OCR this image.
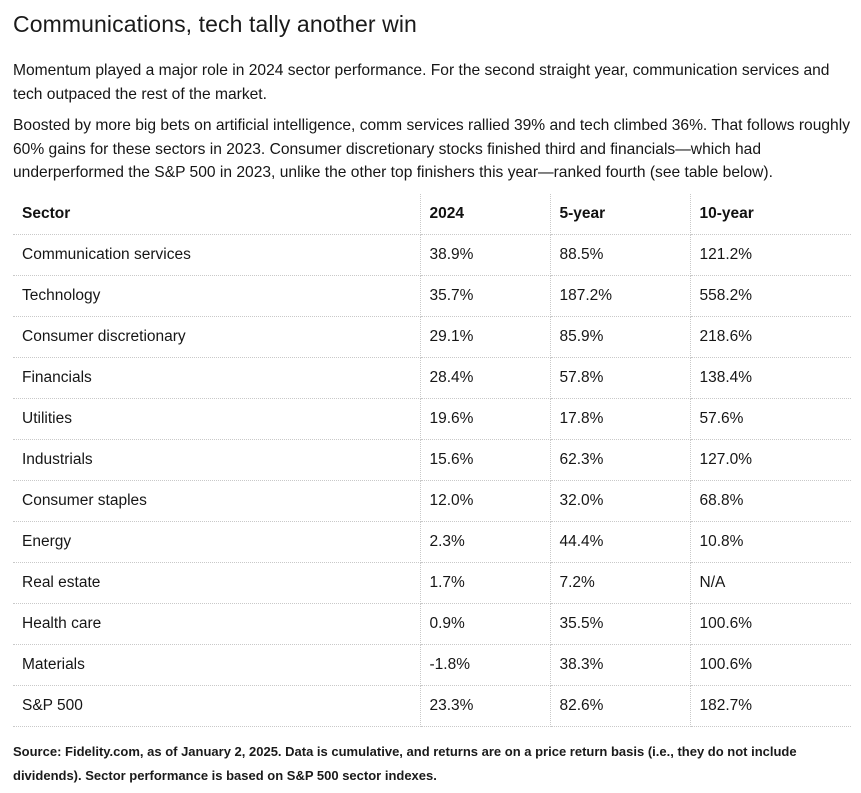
Communications, tech tally another win

Momentum played a major role in 2024 sector performance. For the second straight year, communication services and tech outpaced the rest of the market.

Boosted by more big bets on artificial intelligence, comm services rallied 39% and tech climbed 36%. That follows roughly 60% gains for these sectors in 2023. Consumer discretionary stocks finished third and financials—which had underperformed the S&P 500 in 2023, unlike the other top finishers this year—ranked fourth (see table below).

Sector	2024	5-year	10-year
Communication services	38.9%	88.5%	121.2%
Technology	35.7%	187.2%	558.2%
Consumer discretionary	29.1%	85.9%	218.6%
Financials	28.4%	57.8%	138.4%
Utilities	19.6%	17.8%	57.6%
Industrials	15.6%	62.3%	127.0%
Consumer staples	12.0%	32.0%	68.8%
Energy	2.3%	44.4%	10.8%
Real estate	1.7%	7.2%	N/A
Health care	0.9%	35.5%	100.6%
Materials	-1.8%	38.3%	100.6%
S&P 500	23.3%	82.6%	182.7%

Source: Fidelity.com, as of January 2, 2025. Data is cumulative, and returns are on a price return basis (i.e., they do not include dividends). Sector performance is based on S&P 500 sector indexes.
